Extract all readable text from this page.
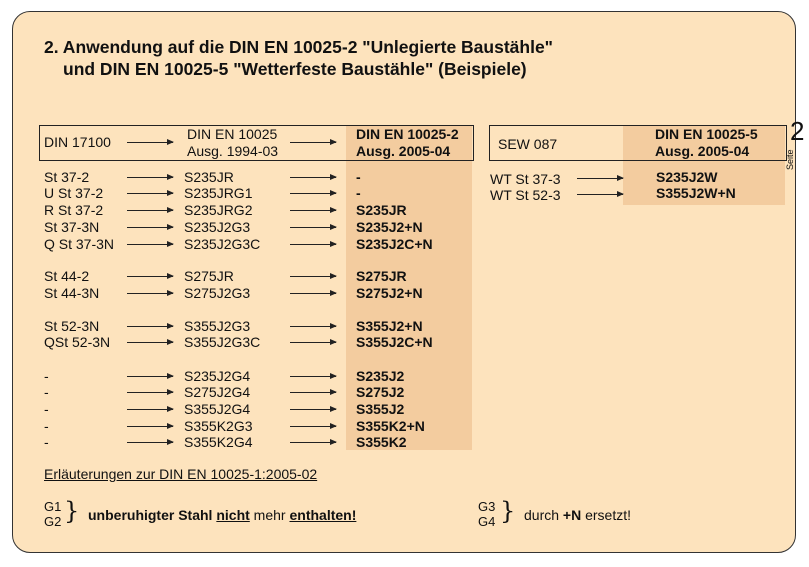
2. Anwendung auf die DIN EN 10025-2 "Unlegierte Baustähle"
und DIN EN 10025-5 "Wetterfeste Baustähle" (Beispiele)
2
Seite
DIN 17100	DIN EN 10025
Ausg. 1994-03
DIN EN 10025-2
Ausg. 2005-04
St 37-2	S235JR	-
U St 37-2	S235JRG1	-
R St 37-2	S235JRG2	S235JR
St 37-3N	S235J2G3	S235J2+N
Q St 37-3N	S235J2G3C	S235J2C+N
St 44-2	S275JR	S275JR
St 44-3N	S275J2G3	S275J2+N
St 52-3N	S355J2G3	S355J2+N
QSt 52-3N	S355J2G3C	S355J2C+N
-	S235J2G4	S235J2
-	S275J2G4	S275J2
-	S355J2G4	S355J2
-	S355K2G3	S355K2+N
-	S355K2G4	S355K2
SEW 087
DIN EN 10025-5
Ausg. 2005-04
WT St 37-3	S235J2W
WT St 52-3	S355J2W+N
Erläuterungen zur DIN EN 10025-1:2005-02
G1
G2 } unberuhigter Stahl nicht mehr enthalten!
G3
G4 } durch +N ersetzt!
